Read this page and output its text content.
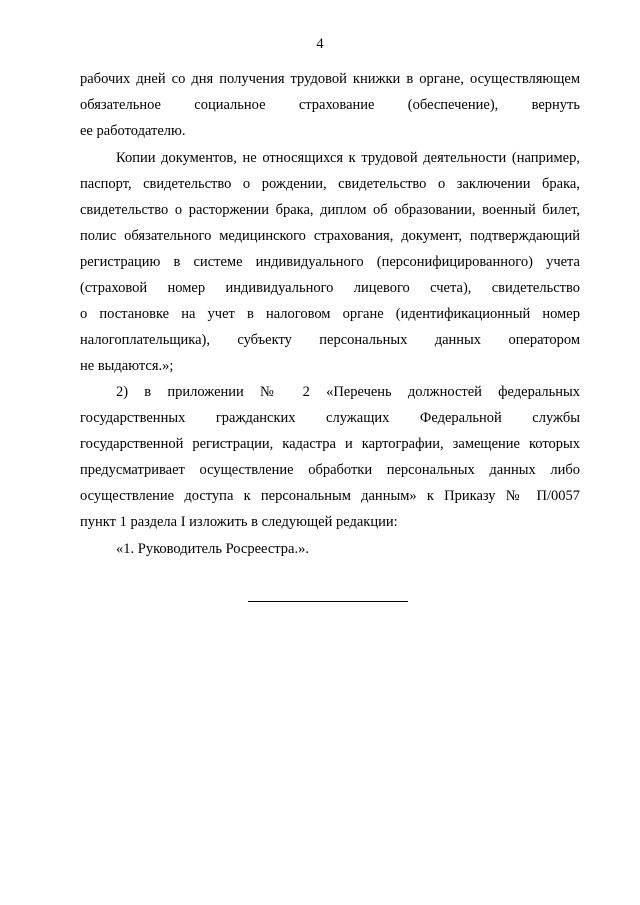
4
рабочих дней со дня получения трудовой книжки в органе, осуществляющем
обязательное социальное страхование (обеспечение), вернуть
ее работодателю.
Копии документов, не относящихся к трудовой деятельности (например,
паспорт, свидетельство о рождении, свидетельство о заключении брака,
свидетельство о расторжении брака, диплом об образовании, военный билет,
полис обязательного медицинского страхования, документ, подтверждающий
регистрацию в системе индивидуального (персонифицированного) учета
(страховой номер индивидуального лицевого счета), свидетельство
о постановке на учет в налоговом органе (идентификационный номер
налогоплательщика), субъекту персональных данных оператором
не выдаются.»;
2) в приложении № 2 «Перечень должностей федеральных
государственных гражданских служащих Федеральной службы
государственной регистрации, кадастра и картографии, замещение которых
предусматривает осуществление обработки персональных данных либо
осуществление доступа к персональным данным» к Приказу № П/0057
пункт 1 раздела I изложить в следующей редакции:
«1. Руководитель Росреестра.».
